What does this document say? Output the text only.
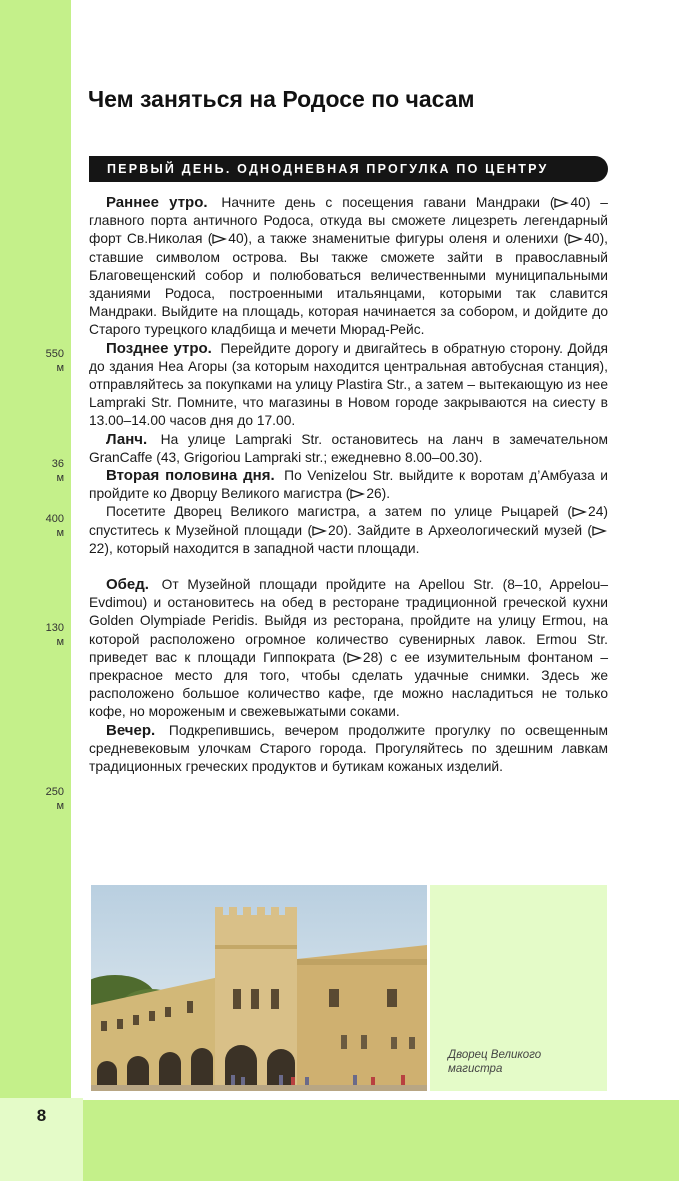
8
Чем заняться на Родосе по часам
ПЕРВЫЙ ДЕНЬ. ОДНОДНЕВНАЯ ПРОГУЛКА ПО ЦЕНТРУ
550
м
36
м
400
м
130
м
250
м

Раннее утро. Начните день с посещения гавани Мандраки ( 40) – главного порта античного Родоса, откуда вы сможете лицезреть легендарный форт Св.Николая ( 40), а также знаменитые фигуры оленя и оленихи ( 40), ставшие символом острова. Вы также сможете зайти в православный Благовещенский собор и полюбоваться величественными муниципальными зданиями Родоса, построенными итальянцами, которыми так славится Мандраки. Выйдите на площадь, которая начинается за собором, и дойдите до Старого турецкого кладбища и мечети Мюрад-Рейс.

Позднее утро. Перейдите дорогу и двигайтесь в обратную сторону. Дойдя до здания Неа Агоры (за которым находится центральная автобусная станция), отправляйтесь за покупками на улицу Plastira Str., а затем – вытекающую из нее Lampraki Str. Помните, что магазины в Новом городе закрываются на сиесту в 13.00–14.00 часов дня до 17.00.

Ланч. На улице Lampraki Str. остановитесь на ланч в замечательном GranCaffe (43, Grigoriou Lampraki str.; ежедневно 8.00–00.30).

Вторая половина дня. По Venizelou Str. выйдите к воротам д’Амбуаза и пройдите ко Дворцу Великого магистра ( 26).

Посетите Дворец Великого магистра, а затем по улице Рыцарей ( 24) спуститесь к Музейной площади ( 20). Зайдите в Археологический музей (22), который находится в западной части площади.

Обед. От Музейной площади пройдите на Apellou Str. (8–10, Appelou–Evdimou) и остановитесь на обед в ресторане традиционной греческой кухни Golden Olympiade Peridis. Выйдя из ресторана, пройдите на улицу Ermou, на которой расположено огромное количество сувенирных лавок. Ermou Str. приведет вас к площади Гиппократа ( 28) с ее изумительным фонтаном – прекрасное место для того, чтобы сделать удачные снимки. Здесь же расположено большое количество кафе, где можно насладиться не только кофе, но мороженым и свежевыжатыми соками.

Вечер. Подкрепившись, вечером продолжите прогулку по освещенным средневековым улочкам Старого города. Прогуляйтесь по здешним лавкам традиционных греческих продуктов и бутикам кожаных изделий.

Дворец Великого магистра
